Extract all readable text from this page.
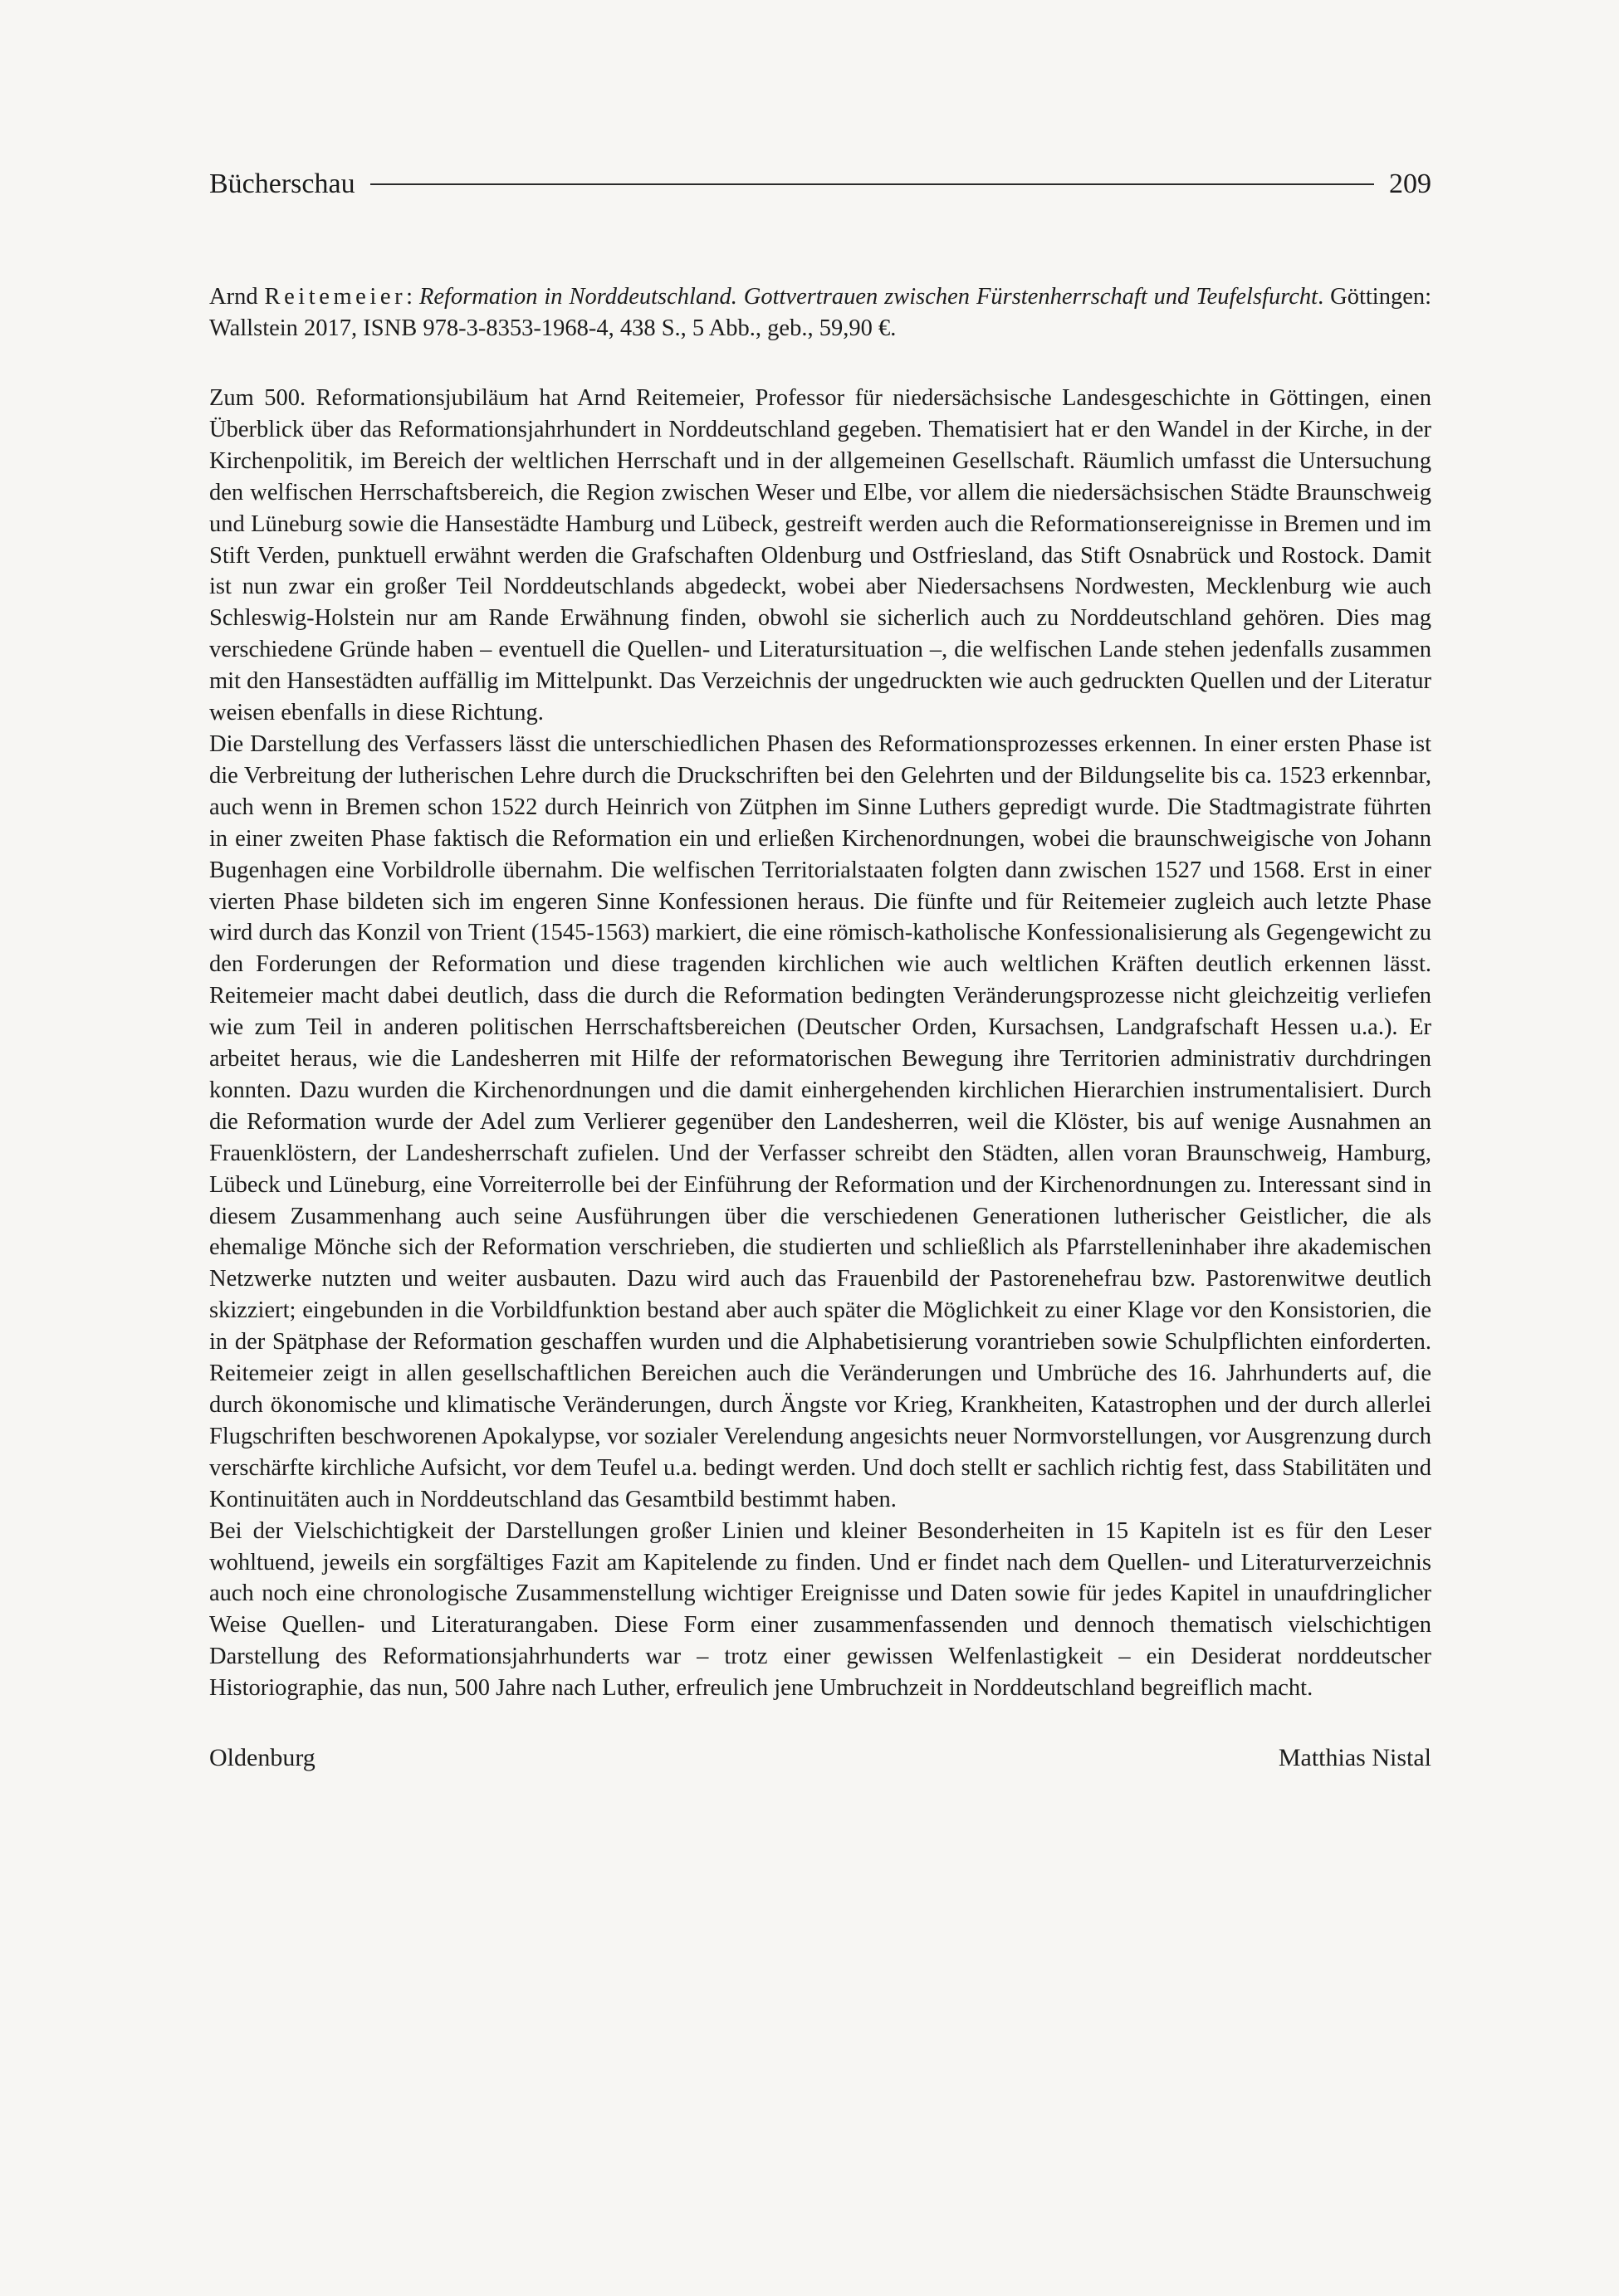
Bücherschau	209
Arnd Reitemeier: Reformation in Norddeutschland. Gottvertrauen zwischen Fürstenherrschaft und Teufelsfurcht. Göttingen: Wallstein 2017, ISNB 978-3-8353-1968-4, 438 S., 5 Abb., geb., 59,90 €.

Zum 500. Reformationsjubiläum hat Arnd Reitemeier, Professor für niedersächsische Landesgeschichte in Göttingen, einen Überblick über das Reformationsjahrhundert in Norddeutschland gegeben. Thematisiert hat er den Wandel in der Kirche, in der Kirchenpolitik, im Bereich der weltlichen Herrschaft und in der allgemeinen Gesellschaft. Räumlich umfasst die Untersuchung den welfischen Herrschaftsbereich, die Region zwischen Weser und Elbe, vor allem die niedersächsischen Städte Braunschweig und Lüneburg sowie die Hansestädte Hamburg und Lübeck, gestreift werden auch die Reformationsereignisse in Bremen und im Stift Verden, punktuell erwähnt werden die Grafschaften Oldenburg und Ostfriesland, das Stift Osnabrück und Rostock. Damit ist nun zwar ein großer Teil Norddeutschlands abgedeckt, wobei aber Niedersachsens Nordwesten, Mecklenburg wie auch Schleswig-Holstein nur am Rande Erwähnung finden, obwohl sie sicherlich auch zu Norddeutschland gehören. Dies mag verschiedene Gründe haben – eventuell die Quellen- und Literatursituation –, die welfischen Lande stehen jedenfalls zusammen mit den Hansestädten auffällig im Mittelpunkt. Das Verzeichnis der ungedruckten wie auch gedruckten Quellen und der Literatur weisen ebenfalls in diese Richtung.

Die Darstellung des Verfassers lässt die unterschiedlichen Phasen des Reformationsprozesses erkennen. In einer ersten Phase ist die Verbreitung der lutherischen Lehre durch die Druckschriften bei den Gelehrten und der Bildungselite bis ca. 1523 erkennbar, auch wenn in Bremen schon 1522 durch Heinrich von Zütphen im Sinne Luthers gepredigt wurde. Die Stadtmagistrate führten in einer zweiten Phase faktisch die Reformation ein und erließen Kirchenordnungen, wobei die braunschweigische von Johann Bugenhagen eine Vorbildrolle übernahm. Die welfischen Territorialstaaten folgten dann zwischen 1527 und 1568. Erst in einer vierten Phase bildeten sich im engeren Sinne Konfessionen heraus. Die fünfte und für Reitemeier zugleich auch letzte Phase wird durch das Konzil von Trient (1545-1563) markiert, die eine römisch-katholische Konfessionalisierung als Gegengewicht zu den Forderungen der Reformation und diese tragenden kirchlichen wie auch weltlichen Kräften deutlich erkennen lässt. Reitemeier macht dabei deutlich, dass die durch die Reformation bedingten Veränderungsprozesse nicht gleichzeitig verliefen wie zum Teil in anderen politischen Herrschaftsbereichen (Deutscher Orden, Kursachsen, Landgrafschaft Hessen u.a.). Er arbeitet heraus, wie die Landesherren mit Hilfe der reformatorischen Bewegung ihre Territorien administrativ durchdringen konnten. Dazu wurden die Kirchenordnungen und die damit einhergehenden kirchlichen Hierarchien instrumentalisiert. Durch die Reformation wurde der Adel zum Verlierer gegenüber den Landesherren, weil die Klöster, bis auf wenige Ausnahmen an Frauenklöstern, der Landesherrschaft zufielen. Und der Verfasser schreibt den Städten, allen voran Braunschweig, Hamburg, Lübeck und Lüneburg, eine Vorreiterrolle bei der Einführung der Reformation und der Kirchenordnungen zu. Interessant sind in diesem Zusammenhang auch seine Ausführungen über die verschiedenen Generationen lutherischer Geistlicher, die als ehemalige Mönche sich der Reformation verschrieben, die studierten und schließlich als Pfarrstelleninhaber ihre akademischen Netzwerke nutzten und weiter ausbauten. Dazu wird auch das Frauenbild der Pastorenehefrau bzw. Pastorenwitwe deutlich skizziert; eingebunden in die Vorbildfunktion bestand aber auch später die Möglichkeit zu einer Klage vor den Konsistorien, die in der Spätphase der Reformation geschaffen wurden und die Alphabetisierung vorantrieben sowie Schulpflichten einforderten. Reitemeier zeigt in allen gesellschaftlichen Bereichen auch die Veränderungen und Umbrüche des 16. Jahrhunderts auf, die durch ökonomische und klimatische Veränderungen, durch Ängste vor Krieg, Krankheiten, Katastrophen und der durch allerlei Flugschriften beschworenen Apokalypse, vor sozialer Verelendung angesichts neuer Normvorstellungen, vor Ausgrenzung durch verschärfte kirchliche Aufsicht, vor dem Teufel u.a. bedingt werden. Und doch stellt er sachlich richtig fest, dass Stabilitäten und Kontinuitäten auch in Norddeutschland das Gesamtbild bestimmt haben.

Bei der Vielschichtigkeit der Darstellungen großer Linien und kleiner Besonderheiten in 15 Kapiteln ist es für den Leser wohltuend, jeweils ein sorgfältiges Fazit am Kapitelende zu finden. Und er findet nach dem Quellen- und Literaturverzeichnis auch noch eine chronologische Zusammenstellung wichtiger Ereignisse und Daten sowie für jedes Kapitel in unaufdringlicher Weise Quellen- und Literaturangaben. Diese Form einer zusammenfassenden und dennoch thematisch vielschichtigen Darstellung des Reformationsjahrhunderts war – trotz einer gewissen Welfenlastigkeit – ein Desiderat norddeutscher Historiographie, das nun, 500 Jahre nach Luther, erfreulich jene Umbruchzeit in Norddeutschland begreiflich macht.

Oldenburg	Matthias Nistal
